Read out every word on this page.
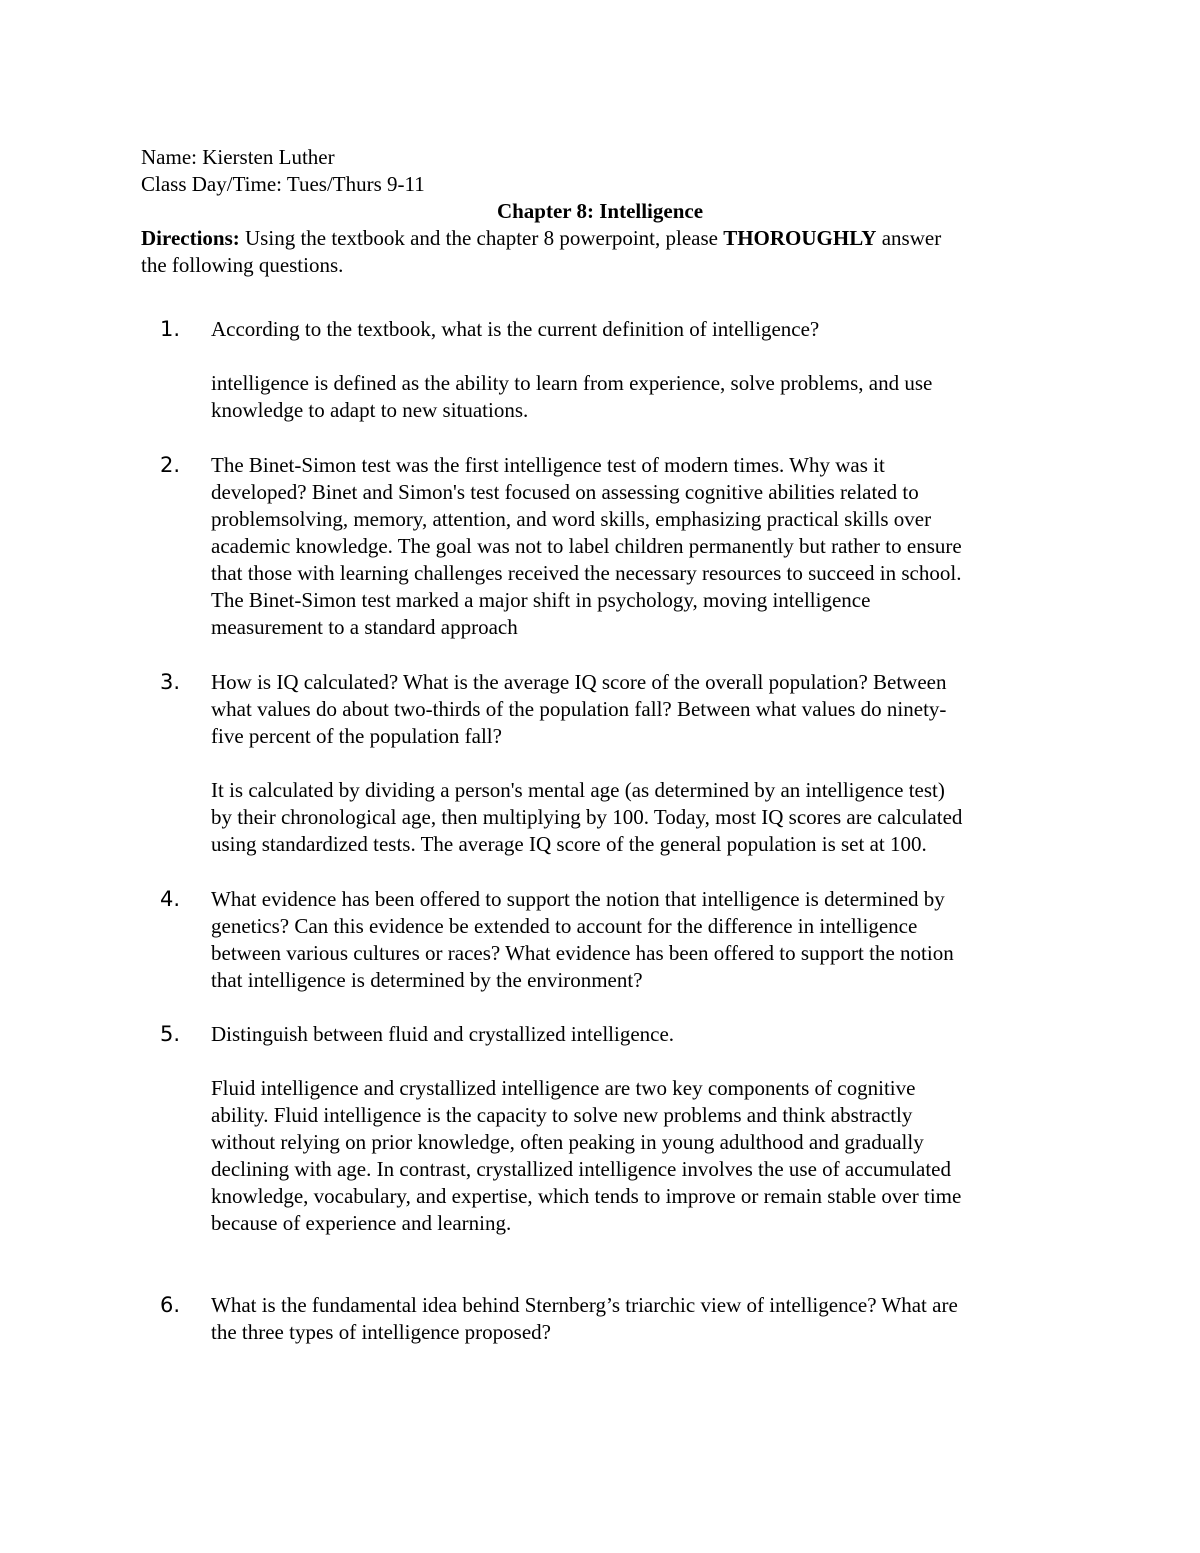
Name: Kiersten Luther
Class Day/Time: Tues/Thurs 9-11
Chapter 8: Intelligence
Directions: Using the textbook and the chapter 8 powerpoint, please THOROUGHLY answer
the following questions.
1. According to the textbook, what is the current definition of intelligence?
intelligence is defined as the ability to learn from experience, solve problems, and use
knowledge to adapt to new situations.
2. The Binet-Simon test was the first intelligence test of modern times. Why was it
developed? Binet and Simon's test focused on assessing cognitive abilities related to
problemsolving, memory, attention, and word skills, emphasizing practical skills over
academic knowledge. The goal was not to label children permanently but rather to ensure
that those with learning challenges received the necessary resources to succeed in school.
The Binet-Simon test marked a major shift in psychology, moving intelligence
measurement to a standard approach
3. How is IQ calculated? What is the average IQ score of the overall population? Between
what values do about two-thirds of the population fall? Between what values do ninety-
five percent of the population fall?
It is calculated by dividing a person's mental age (as determined by an intelligence test)
by their chronological age, then multiplying by 100. Today, most IQ scores are calculated
using standardized tests. The average IQ score of the general population is set at 100.
4. What evidence has been offered to support the notion that intelligence is determined by
genetics? Can this evidence be extended to account for the difference in intelligence
between various cultures or races? What evidence has been offered to support the notion
that intelligence is determined by the environment?
5. Distinguish between fluid and crystallized intelligence.
Fluid intelligence and crystallized intelligence are two key components of cognitive
ability. Fluid intelligence is the capacity to solve new problems and think abstractly
without relying on prior knowledge, often peaking in young adulthood and gradually
declining with age. In contrast, crystallized intelligence involves the use of accumulated
knowledge, vocabulary, and expertise, which tends to improve or remain stable over time
because of experience and learning.
6. What is the fundamental idea behind Sternberg’s triarchic view of intelligence? What are
the three types of intelligence proposed?
